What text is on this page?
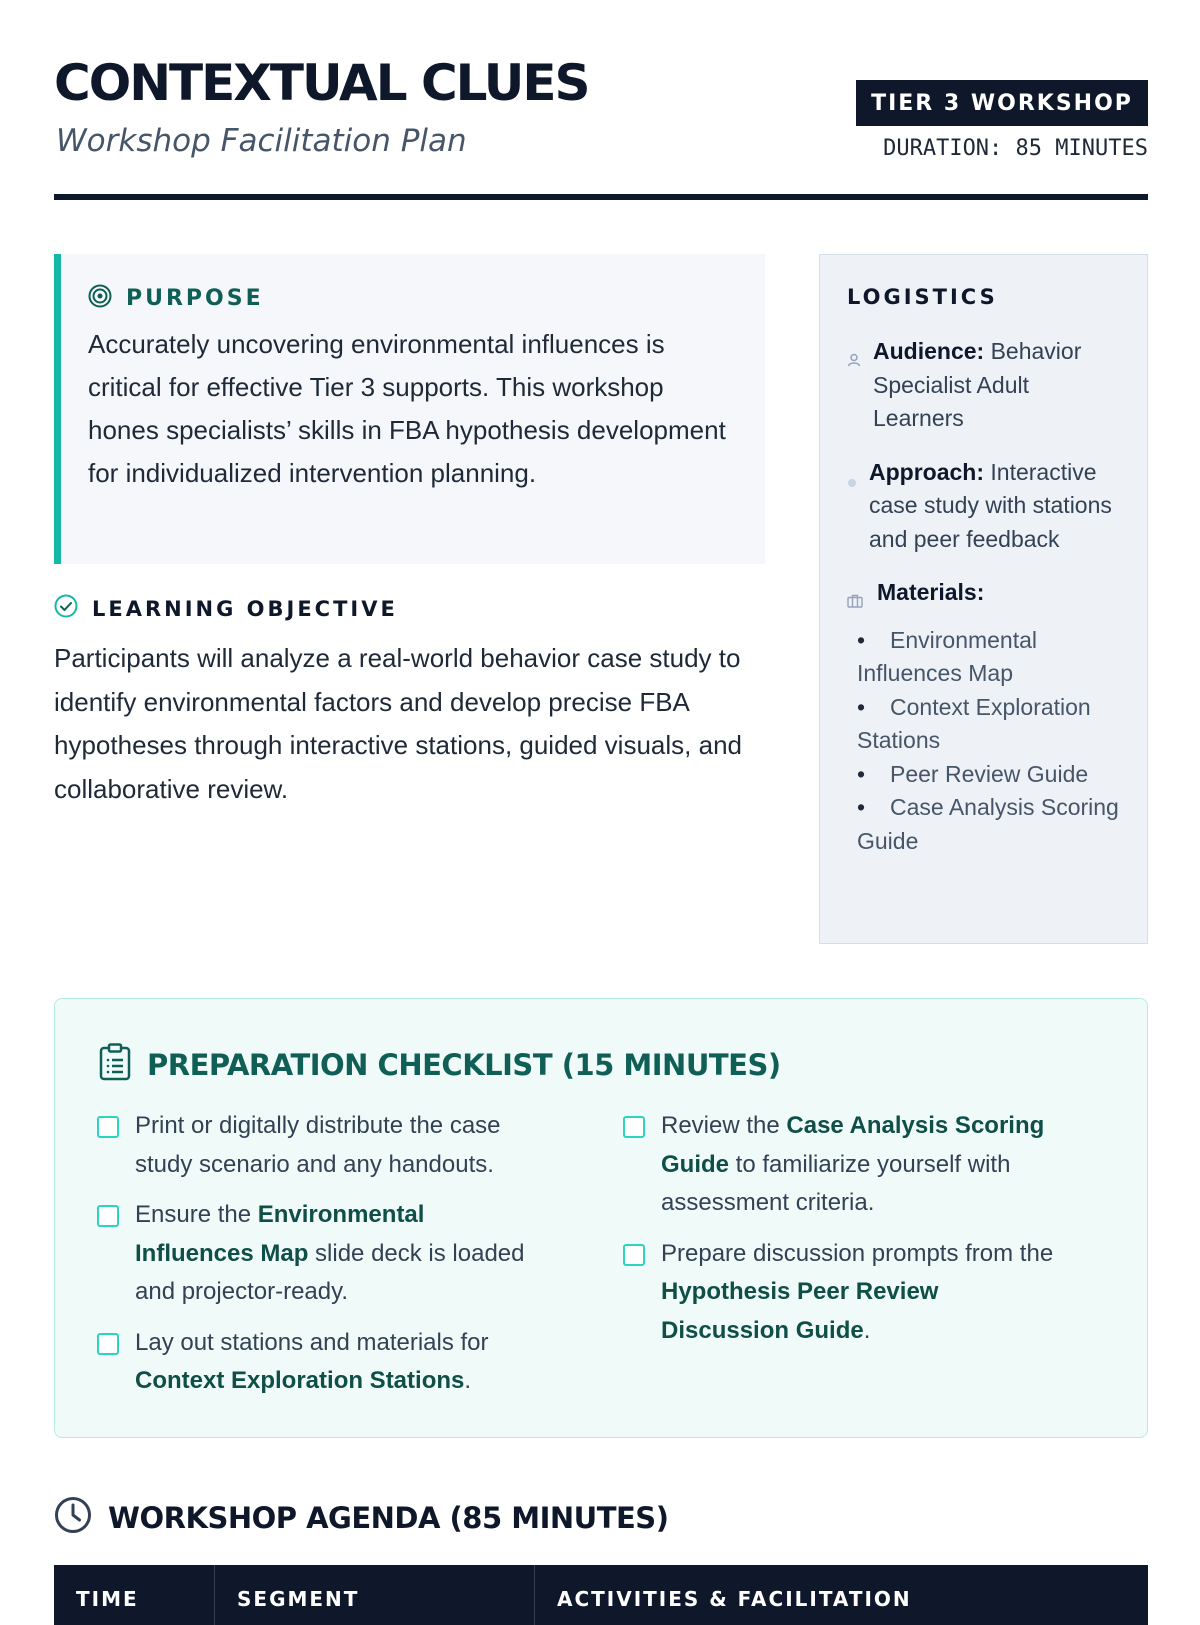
CONTEXTUAL CLUES
Workshop Facilitation Plan
TIER 3 WORKSHOP
DURATION: 85 MINUTES
PURPOSE

Accurately uncovering environmental influences is critical for effective Tier 3 supports. This workshop hones specialists’ skills in FBA hypothesis development for individualized intervention planning.

LEARNING OBJECTIVE

Participants will analyze a real-world behavior case study to identify environmental factors and develop precise FBA hypotheses through interactive stations, guided visuals, and collaborative review.

LOGISTICS
Audience: Behavior Specialist Adult Learners
Approach: Interactive case study with stations and peer feedback
Materials:
• Environmental Influences Map
• Context Exploration Stations
• Peer Review Guide
• Case Analysis Scoring Guide
PREPARATION CHECKLIST (15 MINUTES)
Print or digitally distribute the case study scenario and any handouts.
Ensure the Environmental Influences Map slide deck is loaded and projector-ready.
Lay out stations and materials for Context Exploration Stations.
Review the Case Analysis Scoring Guide to familiarize yourself with assessment criteria.
Prepare discussion prompts from the Hypothesis Peer Review Discussion Guide.
WORKSHOP AGENDA (85 MINUTES)
TIME	SEGMENT	ACTIVITIES & FACILITATION
